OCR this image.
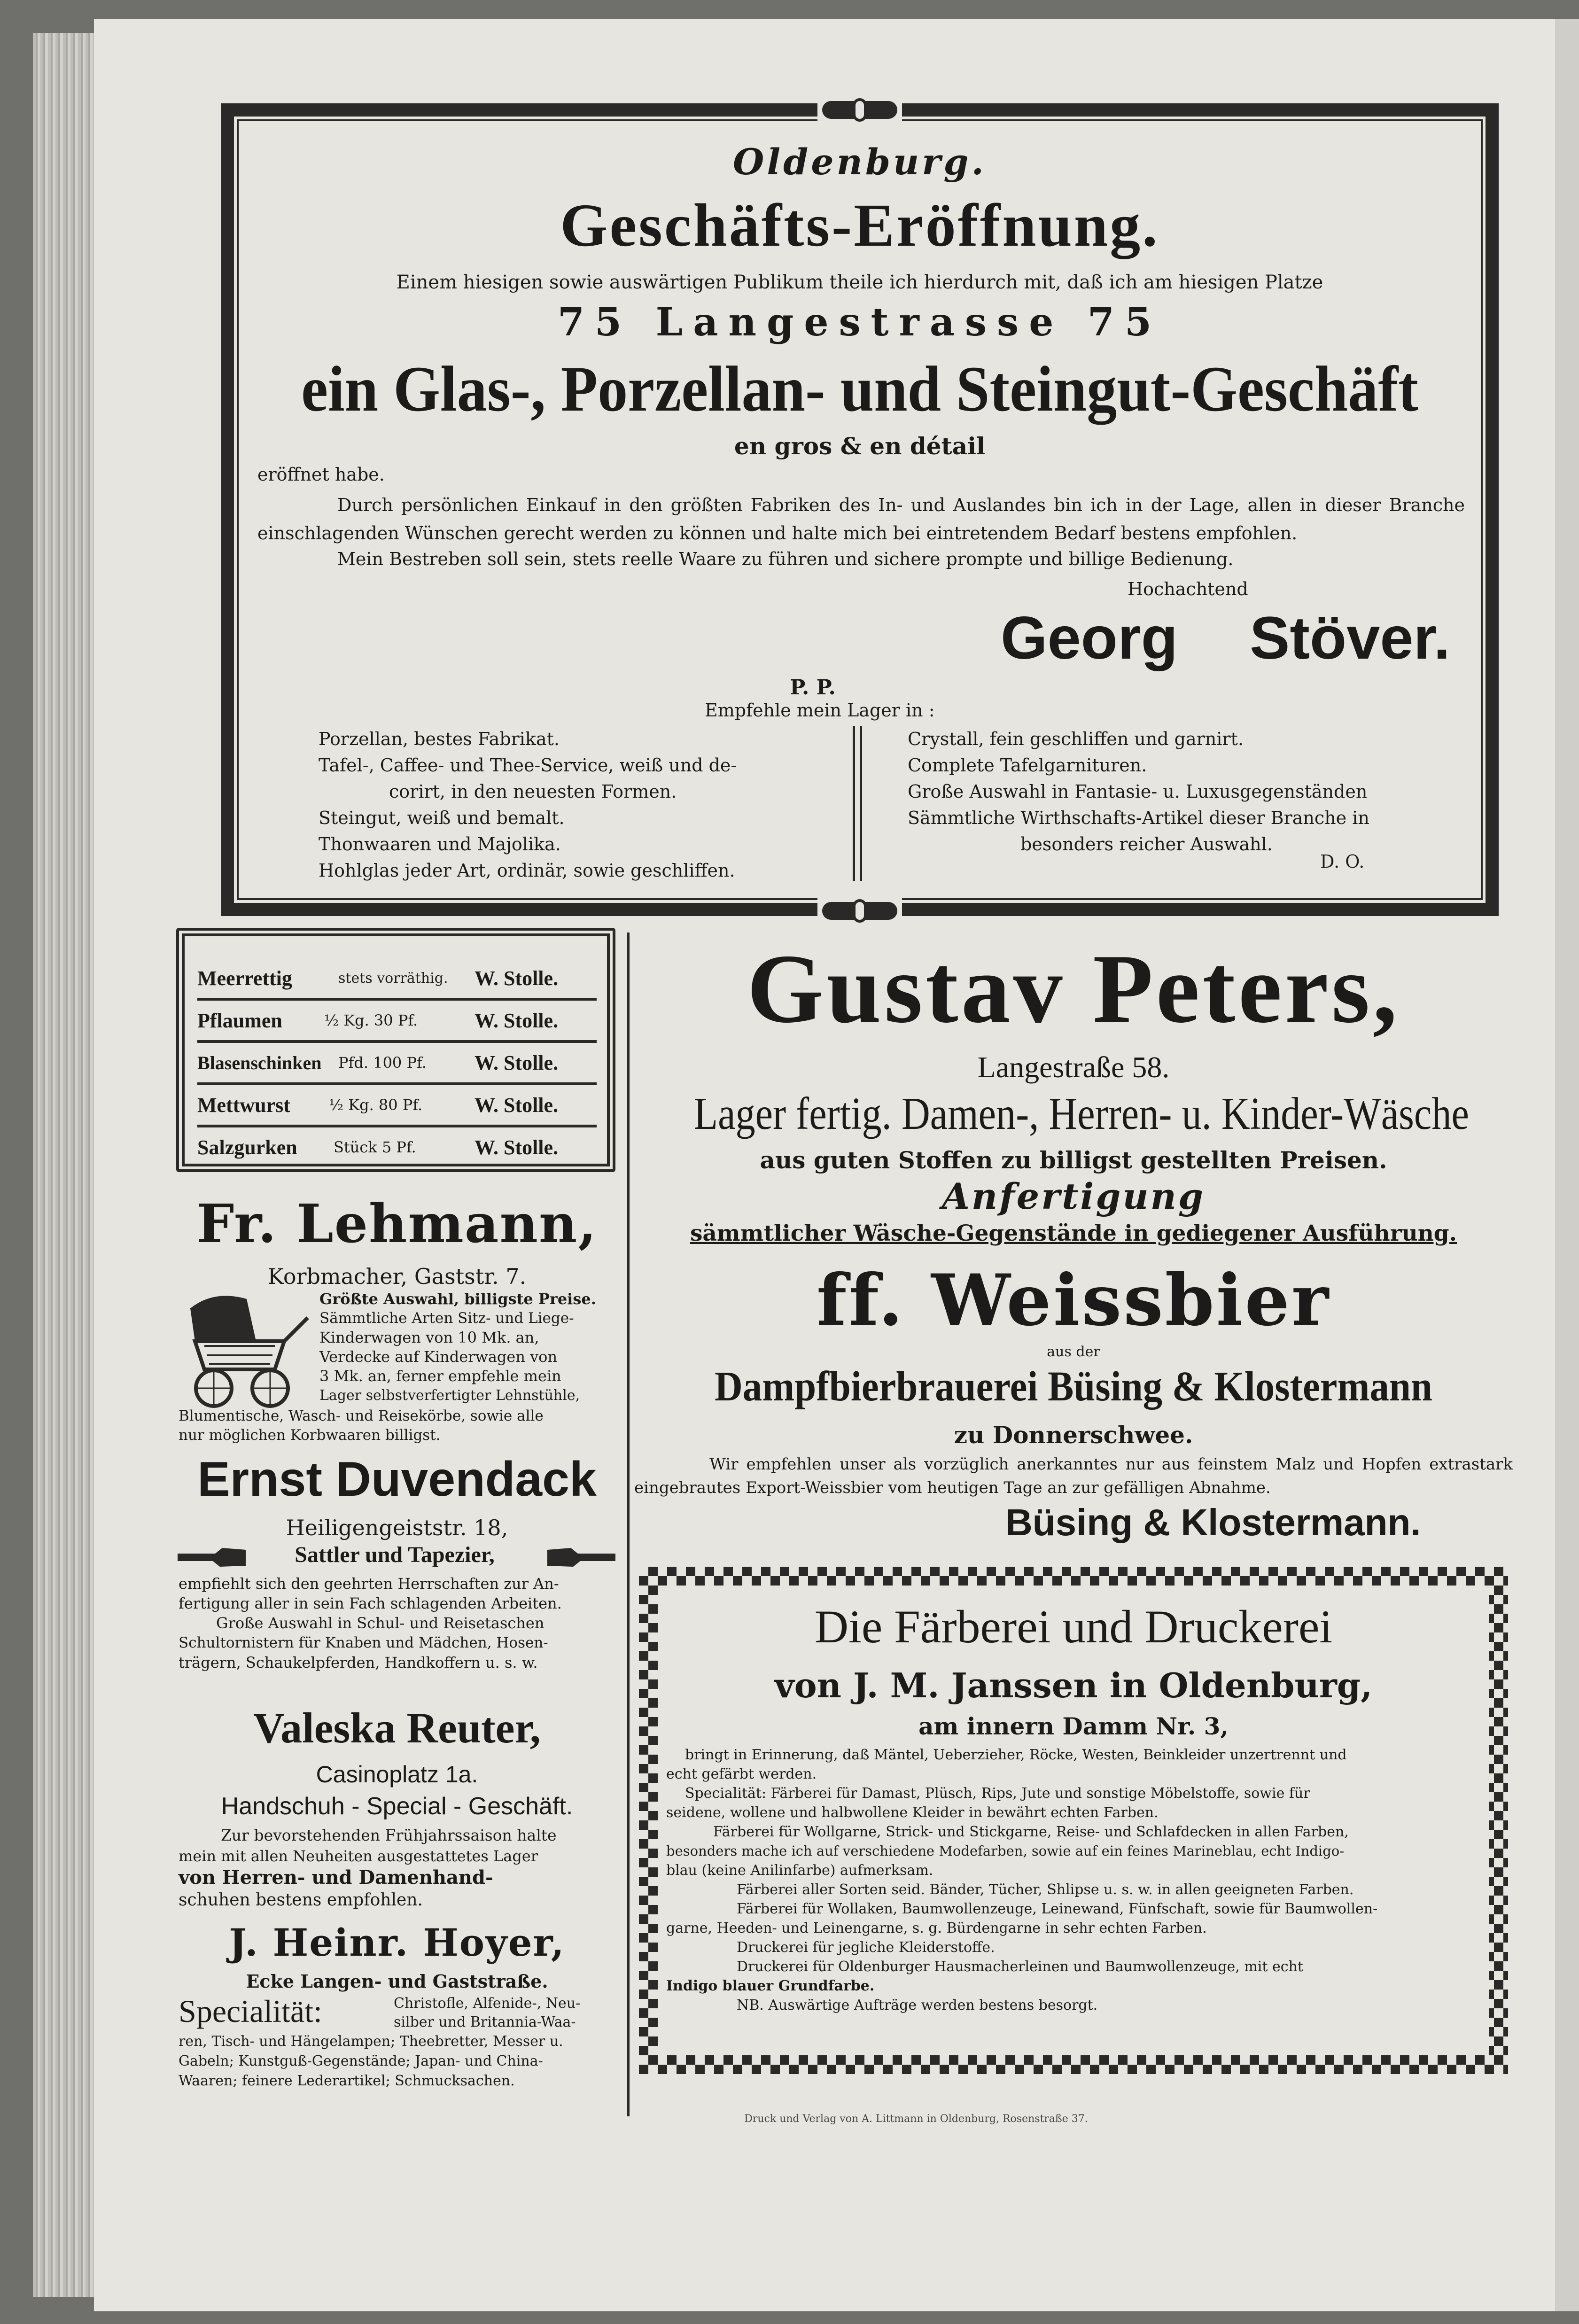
Oldenburg.
Geschäfts-Eröffnung.
Einem hiesigen sowie auswärtigen Publikum theile ich hierdurch mit, daß ich am hiesigen Platze
75 Langestrasse 75
ein Glas-, Porzellan- und Steingut-Geschäft
en gros & en détail
eröffnet habe.
Durch persönlichen Einkauf in den größten Fabriken des In- und Auslandes bin ich in der Lage, allen in dieser Branche einschlagenden Wünschen gerecht werden zu können und halte mich bei eintretendem Bedarf bestens empfohlen.
Mein Bestreben soll sein, stets reelle Waare zu führen und sichere prompte und billige Bedienung.
Hochachtend
Georg Stöver.
P. P.
Empfehle mein Lager in :
Porzellan, bestes Fabrikat.
Tafel-, Caffee- und Thee-Service, weiß und de-
corirt, in den neuesten Formen.
Steingut, weiß und bemalt.
Thonwaaren und Majolika.
Hohlglas jeder Art, ordinär, sowie geschliffen.
Crystall, fein geschliffen und garnirt.
Complete Tafelgarnituren.
Große Auswahl in Fantasie- u. Luxusgegenständen
Sämmtliche Wirthschafts-Artikel dieser Branche in
besonders reicher Auswahl.
D. O.
Meerrettig	stets vorräthig.	W. Stolle.
Pflaumen	½ Kg. 30 Pf.	W. Stolle.
Blasenschinken	Pfd. 100 Pf.	W. Stolle.
Mettwurst	½ Kg. 80 Pf.	W. Stolle.
Salzgurken	Stück 5 Pf.	W. Stolle.
Fr. Lehmann,
Korbmacher, Gaststr. 7.
Größte Auswahl, billigste Preise.
Sämmtliche Arten Sitz- und Liege-
Kinderwagen von 10 Mk. an,
Verdecke auf Kinderwagen von
3 Mk. an, ferner empfehle mein
Lager selbstverfertigter Lehnstühle,
Blumentische, Wasch- und Reisekörbe, sowie alle
nur möglichen Korbwaaren billigst.
Ernst Duvendack
Heiligengeiststr. 18,
Sattler und Tapezier,
empfiehlt sich den geehrten Herrschaften zur An-
fertigung aller in sein Fach schlagenden Arbeiten.
Große Auswahl in Schul- und Reisetaschen
Schultornistern für Knaben und Mädchen, Hosen-
trägern, Schaukelpferden, Handkoffern u. s. w.
Valeska Reuter,
Casinoplatz 1a.
Handschuh - Special - Geschäft.
Zur bevorstehenden Frühjahrssaison halte
mein mit allen Neuheiten ausgestattetes Lager
von Herren- und Damenhand-
schuhen bestens empfohlen.
J. Heinr. Hoyer,
Ecke Langen- und Gaststraße.
Specialität:	Christofle, Alfenide-, Neu-
silber und Britannia-Waa-
ren, Tisch- und Hängelampen; Theebretter, Messer u.
Gabeln; Kunstguß-Gegenstände; Japan- und China-
Waaren; feinere Lederartikel; Schmucksachen.
Gustav Peters,
Langestraße 58.
Lager fertig. Damen-, Herren- u. Kinder-Wäsche
aus guten Stoffen zu billigst gestellten Preisen.
Anfertigung
sämmtlicher Wäsche-Gegenstände in gediegener Ausführung.
ff. Weissbier
aus der
Dampfbierbrauerei Büsing & Klostermann
zu Donnerschwee.
Wir empfehlen unser als vorzüglich anerkanntes nur aus feinstem Malz und Hopfen extrastark eingebrautes Export-Weissbier vom heutigen Tage an zur gefälligen Abnahme.
Büsing & Klostermann.
Die Färberei und Druckerei
von J. M. Janssen in Oldenburg,
am innern Damm Nr. 3,
bringt in Erinnerung, daß Mäntel, Ueberzieher, Röcke, Westen, Beinkleider unzertrennt und
echt gefärbt werden.
Specialität: Färberei für Damast, Plüsch, Rips, Jute und sonstige Möbelstoffe, sowie für
seidene, wollene und halbwollene Kleider in bewährt echten Farben.
Färberei für Wollgarne, Strick- und Stickgarne, Reise- und Schlafdecken in allen Farben,
besonders mache ich auf verschiedene Modefarben, sowie auf ein feines Marineblau, echt Indigo-
blau (keine Anilinfarbe) aufmerksam.
Färberei aller Sorten seid. Bänder, Tücher, Shlipse u. s. w. in allen geeigneten Farben.
Färberei für Wollaken, Baumwollenzeuge, Leinewand, Fünfschaft, sowie für Baumwollen-
garne, Heeden- und Leinengarne, s. g. Bürdengarne in sehr echten Farben.
Druckerei für jegliche Kleiderstoffe.
Druckerei für Oldenburger Hausmacherleinen und Baumwollenzeuge, mit echt
Indigo blauer Grundfarbe.
NB. Auswärtige Aufträge werden bestens besorgt.
Druck und Verlag von A. Littmann in Oldenburg, Rosenstraße 37.
